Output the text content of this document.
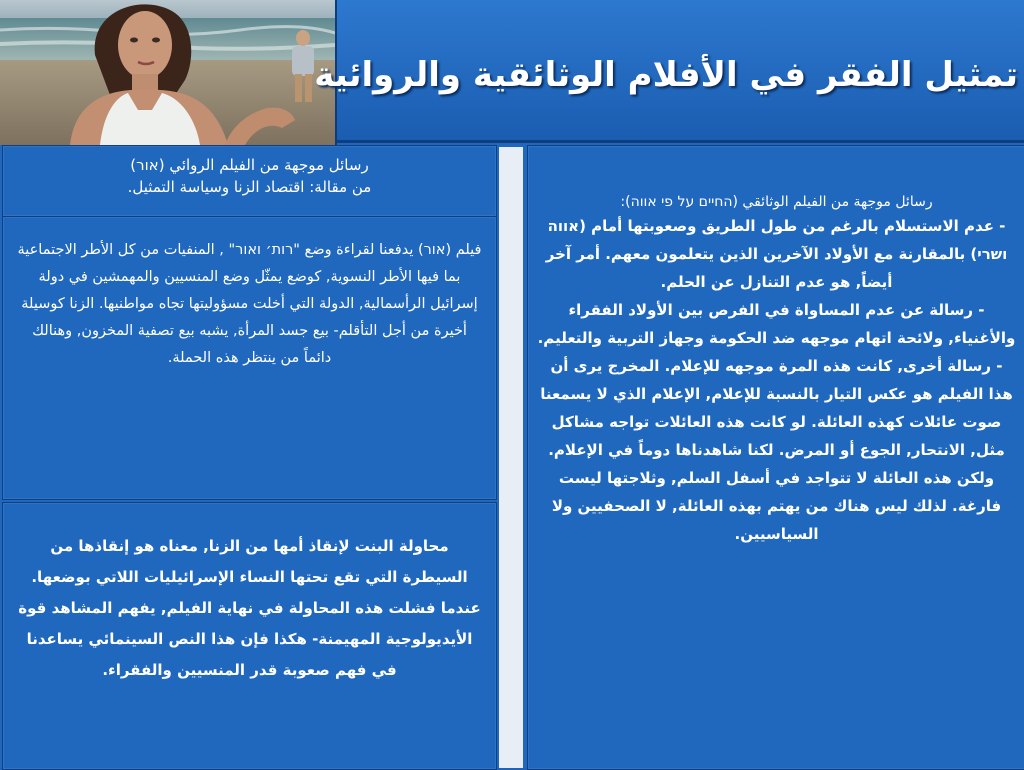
تمثيل الفقر في الأفلام الوثائقية والروائية
رسائل موجهة من الفيلم الروائي (אור)
من مقالة: اقتصاد الزنا وسياسة التمثيل.
فيلم (אור) يدفعنا لقراءة وضع "רות׳ ואור" , المنفيات من كل الأطر الاجتماعية بما فيها الأطر النسوية, كوضع يمثّل وضع المنسيين والمهمشين في دولة إسرائيل الرأسمالية, الدولة التي أخلت مسؤوليتها تجاه مواطنيها. الزنا كوسيلة أخيرة من أجل التأقلم- بيع جسد المرأة, يشبه بيع تصفية المخزون, وهنالك دائماً من ينتظر هذه الحملة.
محاولة البنت لإنقاذ أمها من الزنا, معناه هو إنقاذها من السيطرة التي تقع تحتها النساء الإسرائيليات اللاتي بوضعها. عندما فشلت هذه المحاولة في نهاية الفيلم, يفهم المشاهد قوة الأيديولوجية المهيمنة- هكذا فإن هذا النص السينمائي يساعدنا في فهم صعوبة قدر المنسيين والفقراء.
رسائل موجهة من الفيلم الوثائقي (החיים על פי אווה):

- عدم الاستسلام بالرغم من طول الطريق وصعوبتها أمام (אווה ושרי) بالمقارنة مع الأولاد الآخرين الذين يتعلمون معهم. أمر آخر أيضاً, هو عدم التنازل عن الحلم.

- رسالة عن عدم المساواة في الفرص بين الأولاد الفقراء والأغنياء, ولائحة اتهام موجهه ضد الحكومة وجهاز التربية والتعليم.

- رسالة أخرى, كانت هذه المرة موجهه للإعلام. المخرج يرى أن هذا الفيلم هو عكس التيار بالنسبة للإعلام, الإعلام الذي لا يسمعنا صوت عائلات كهذه العائلة. لو كانت هذه العائلات تواجه مشاكل مثل, الانتحار, الجوع أو المرض. لكنا شاهدناها دوماً في الإعلام. ولكن هذه العائلة لا تتواجد في أسفل السلم, وثلاجتها ليست فارغة. لذلك ليس هناك من يهتم بهذه العائلة, لا الصحفيين ولا السياسيين.
